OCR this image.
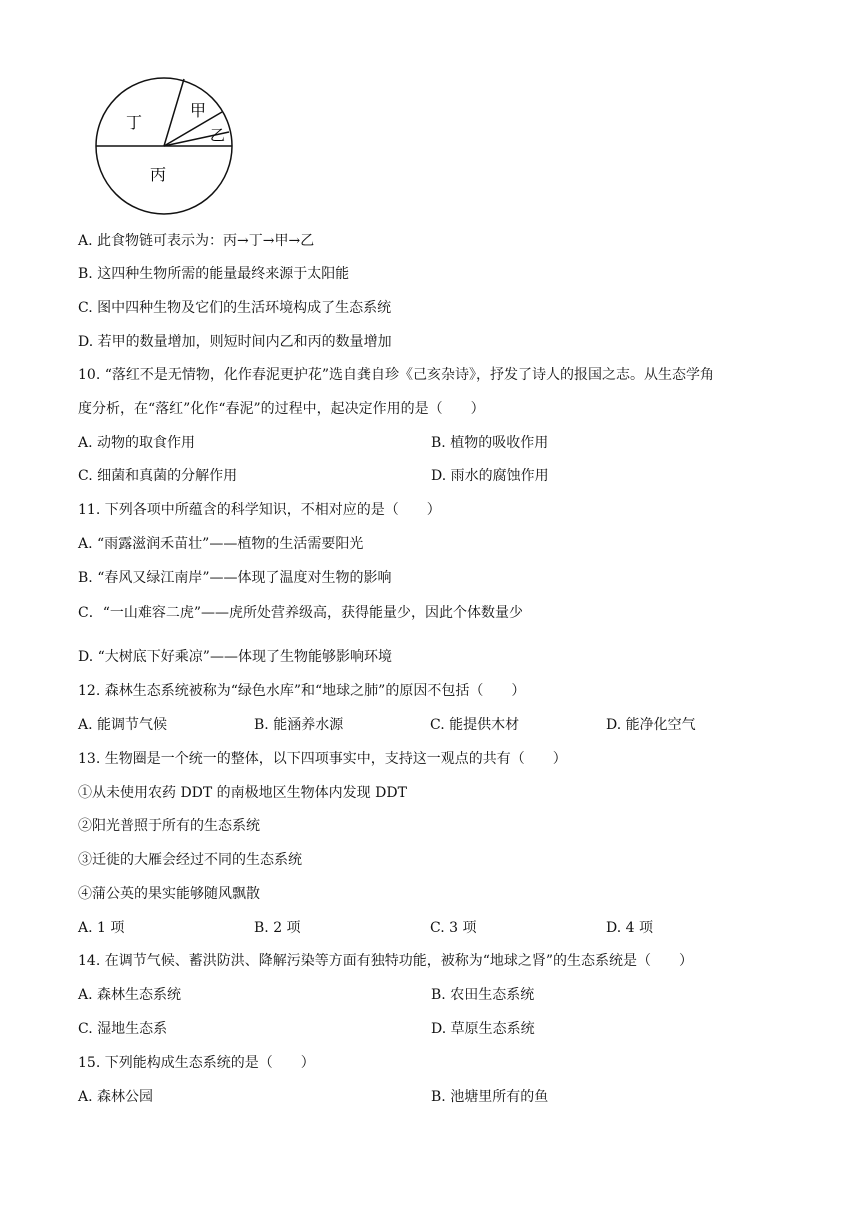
丁
甲
乙
丙
A. 此食物链可表示为：丙→丁→甲→乙
B. 这四种生物所需的能量最终来源于太阳能
C. 图中四种生物及它们的生活环境构成了生态系统
D. 若甲的数量增加，则短时间内乙和丙的数量增加
10. “落红不是无情物，化作春泥更护花”选自龚自珍《己亥杂诗》，抒发了诗人的报国之志。从生态学角
度分析，在“落红”化作“春泥”的过程中，起决定作用的是（　　）
A. 动物的取食作用	B. 植物的吸收作用
C. 细菌和真菌的分解作用	D. 雨水的腐蚀作用
11. 下列各项中所蕴含的科学知识，不相对应的是（　　）
A. “雨露滋润禾苗壮”——植物的生活需要阳光
B. “春风又绿江南岸”——体现了温度对生物的影响
C．“一山难容二虎”——虎所处营养级高，获得能量少，因此个体数量少
D. “大树底下好乘凉”——体现了生物能够影响环境
12. 森林生态系统被称为“绿色水库”和“地球之肺”的原因不包括（　　）
A. 能调节气候	B. 能涵养水源	C. 能提供木材	D. 能净化空气
13. 生物圈是一个统一的整体，以下四项事实中，支持这一观点的共有（　　）
①从未使用农药 DDT 的南极地区生物体内发现 DDT
②阳光普照于所有的生态系统
③迁徙的大雁会经过不同的生态系统
④蒲公英的果实能够随风飘散
A. 1 项	B. 2 项	C. 3 项	D. 4 项
14. 在调节气候、蓄洪防洪、降解污染等方面有独特功能，被称为“地球之肾”的生态系统是（　　）
A. 森林生态系统	B. 农田生态系统
C. 湿地生态系	D. 草原生态系统
15. 下列能构成生态系统的是（　　）
A. 森林公园	B. 池塘里所有的鱼
